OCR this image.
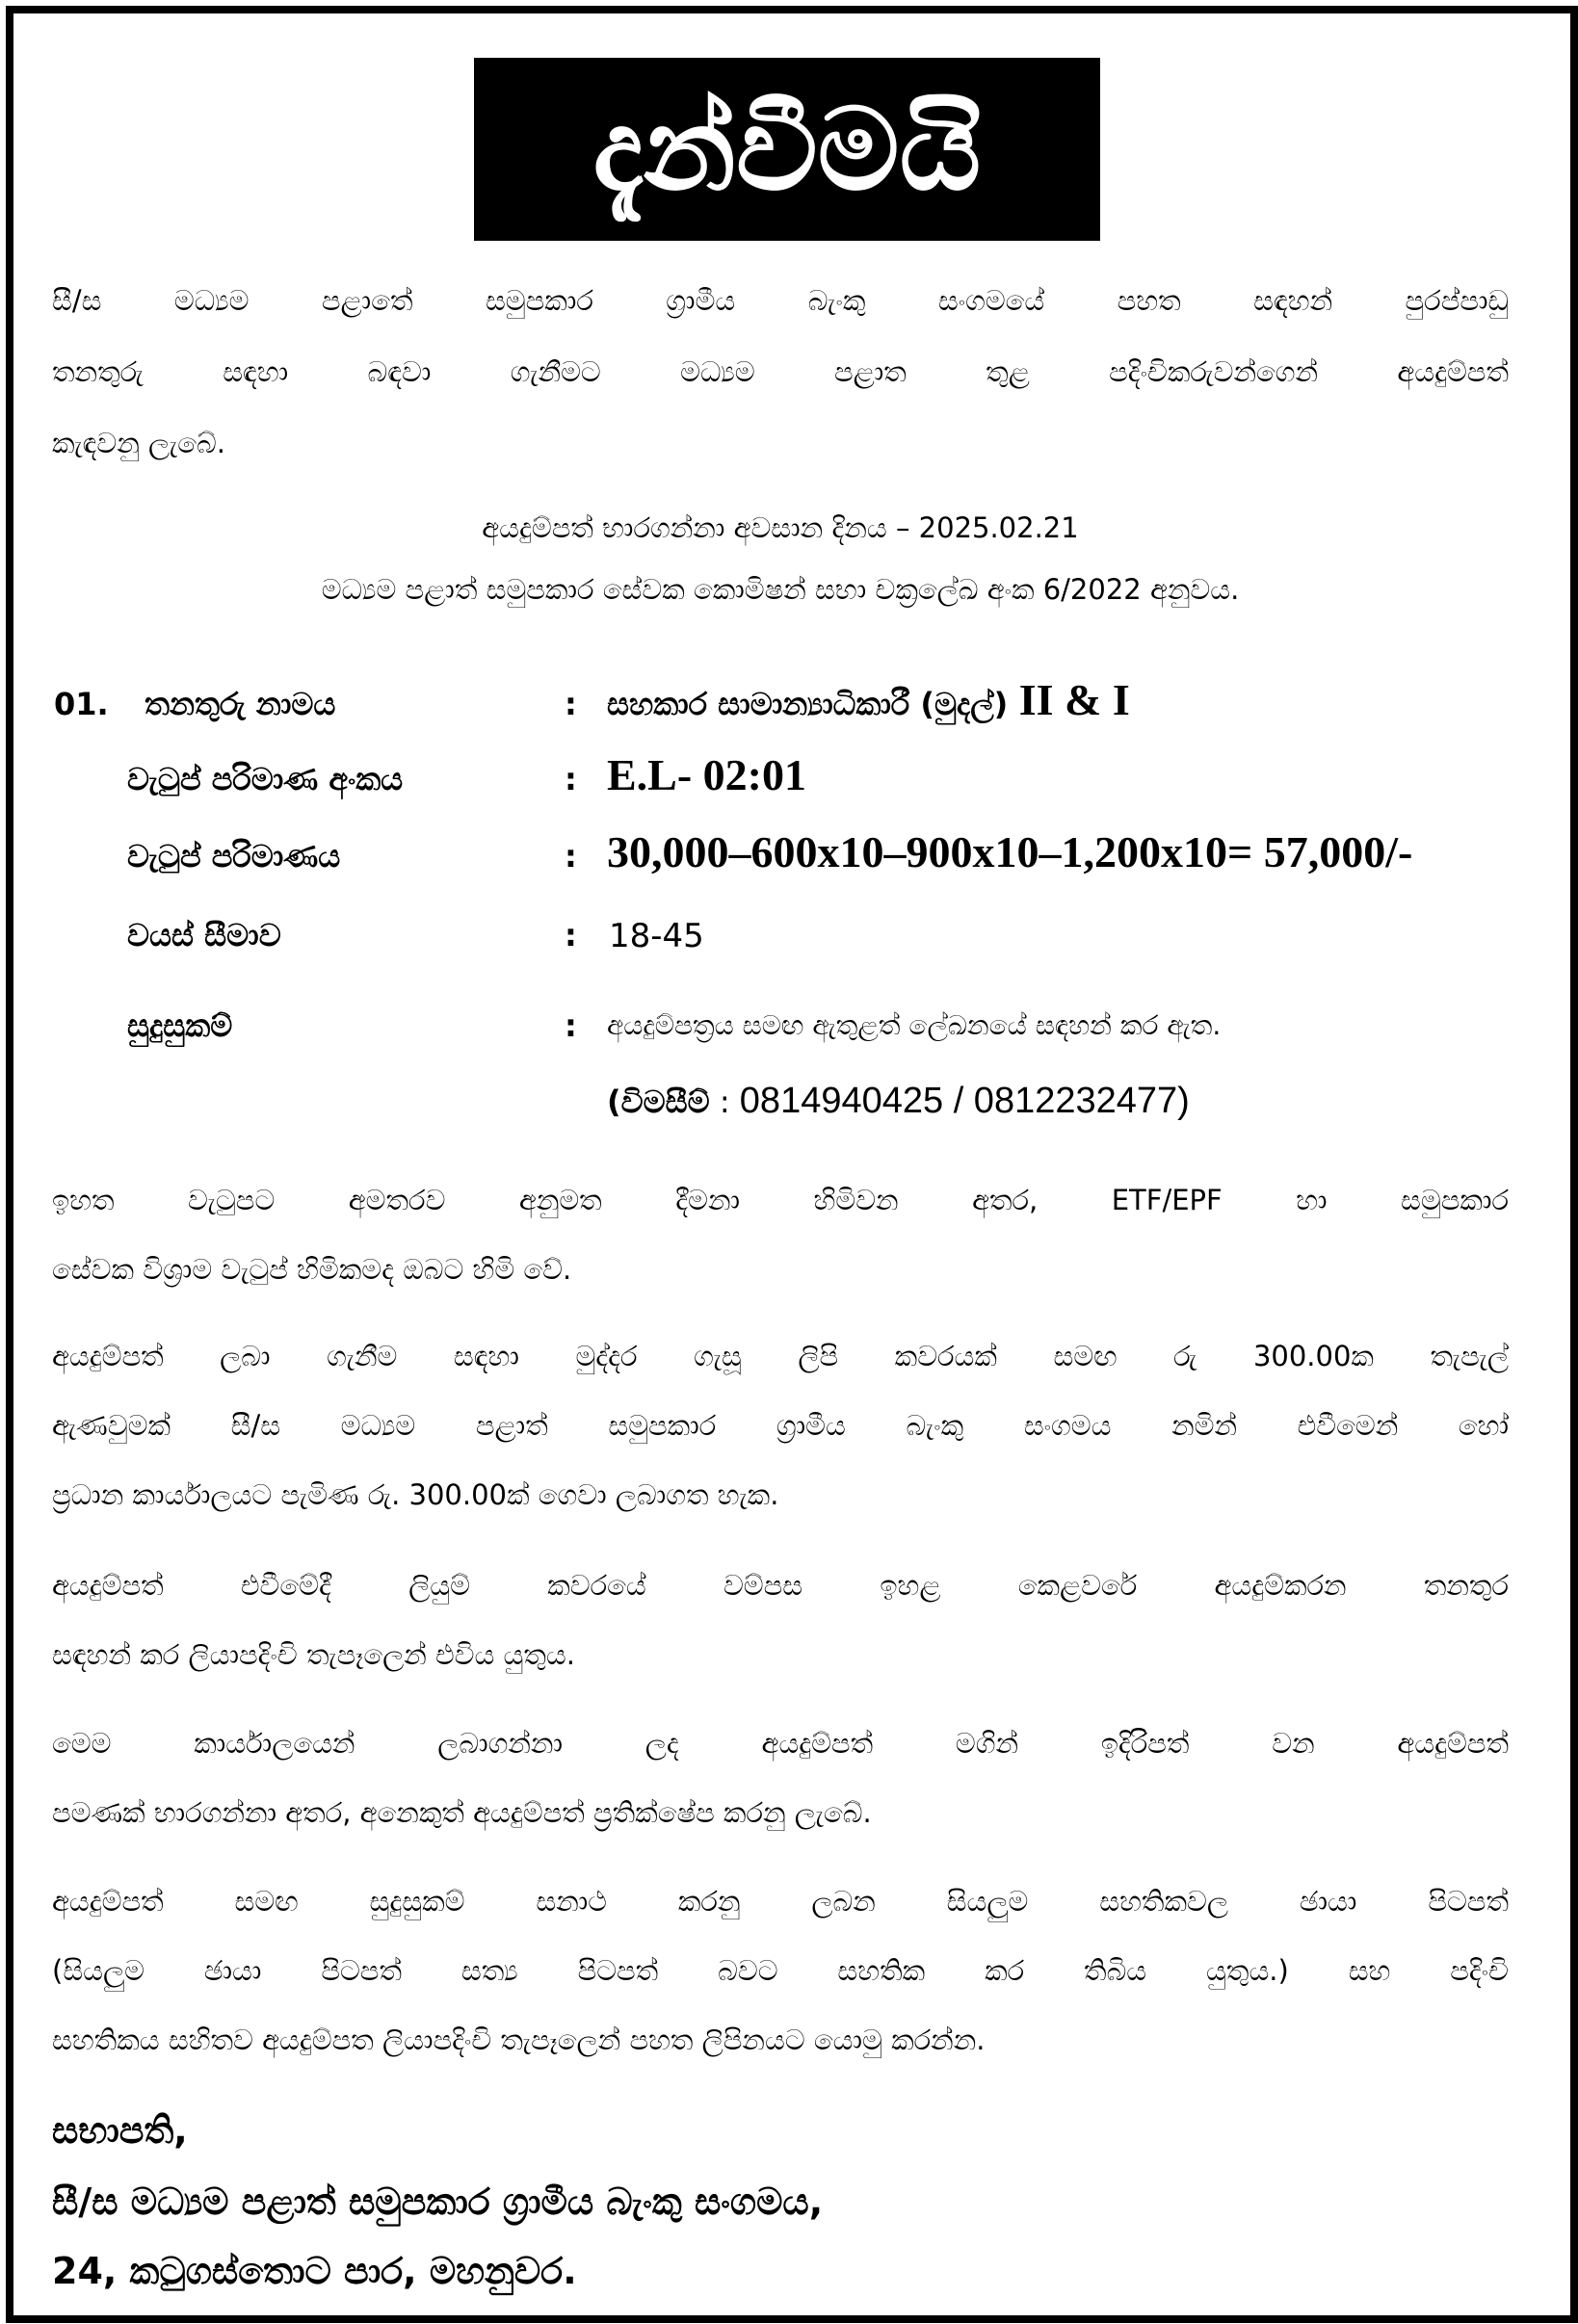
දැන්වීමයි

සී/ස මධ්‍යම පළාතේ සමුපකාර ග්‍රාමීය බැංකු සංගමයේ පහත සඳහන් පුරප්පාඩු

තනතුරු සඳහා බඳවා ගැනීමට මධ්‍යම පළාත තුළ පදිංචිකරුවන්ගෙන් අයදුම්පත්

කැඳවනු ලැබේ.

අයදුම්පත් භාරගන්නා අවසාන දිනය – 2025.02.21

මධ්‍යම පළාත් සමුපකාර සේවක කොමිෂන් සභා චක්‍රලේඛ අංක 6/2022 අනුවය.

01. තනතුරු නාමය	: සහකාර සාමාන්‍යාධිකාරී (මුදල්) II & I
වැටුප් පරිමාණ අංකය	: E.L- 02:01
වැටුප් පරිමාණය	: 30,000–600x10–900x10–1,200x10= 57,000/-
වයස් සීමාව	: 18-45
සුදුසුකම්	: අයදුම්පත්‍රය සමඟ ඇතුළත් ලේඛනයේ සඳහන් කර ඇත.
(විමසීම් : 0814940425 / 0812232477)

ඉහත වැටුපට අමතරව අනුමත දීමනා හිමිවන අතර, ETF/EPF හා සමුපකාර

සේවක විශ්‍රාම වැටුප් හිමිකමද ඔබට හිමි වේ.

අයදුම්පත් ලබා ගැනීම සඳහා මුද්දර ගැසූ ලිපි කවරයක් සමඟ රු 300.00ක තැපැල්

ඇණවුමක් සී/ස මධ්‍යම පළාත් සමුපකාර ග්‍රාමීය බැංකු සංගමය නමින් එවීමෙන් හෝ

ප්‍රධාන කාර්යාලයට පැමිණ රු. 300.00ක් ගෙවා ලබාගත හැක.

අයදුම්පත් එවීමේදී ලියුම් කවරයේ වම්පස ඉහළ කෙළවරේ අයදුම්කරන තනතුර

සඳහන් කර ලියාපදිංචි තැපෑලෙන් එවිය යුතුය.

මෙම කාර්යාලයෙන් ලබාගන්නා ලද අයදුම්පත් මගින් ඉදිරිපත් වන අයදුම්පත්

පමණක් භාරගන්නා අතර, අනෙකුත් අයදුම්පත් ප්‍රතික්ෂේප කරනු ලැබේ.

අයදුම්පත් සමඟ සුදුසුකම් සනාථ කරනු ලබන සියලුම සහතිකවල ඡායා පිටපත්

(සියලුම ඡායා පිටපත් සත්‍ය පිටපත් බවට සහතික කර තිබිය යුතුය.) සහ පදිංචි

සහතිකය සහිතව අයදුම්පත ලියාපදිංචි තැපෑලෙන් පහත ලිපිනයට යොමු කරන්න.

සභාපති,
සී/ස මධ්‍යම පළාත් සමුපකාර ග්‍රාමීය බැංකු සංගමය,
24, කටුගස්තොට පාර, මහනුවර.
